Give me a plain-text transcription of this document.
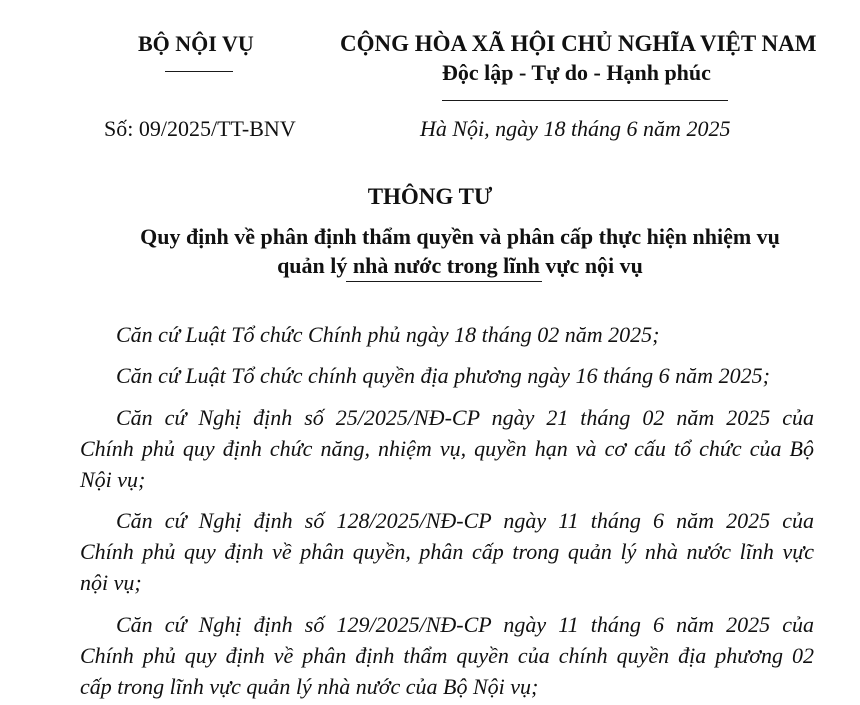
BỘ NỘI VỤ	CỘNG HÒA XÃ HỘI CHỦ NGHĨA VIỆT NAM
Độc lập - Tự do - Hạnh phúc
Số: 09/2025/TT-BNV	Hà Nội, ngày 18 tháng 6 năm 2025
THÔNG TƯ
Quy định về phân định thẩm quyền và phân cấp thực hiện nhiệm vụ
quản lý nhà nước trong lĩnh vực nội vụ
Căn cứ Luật Tổ chức Chính phủ ngày 18 tháng 02 năm 2025;
Căn cứ Luật Tổ chức chính quyền địa phương ngày 16 tháng 6 năm 2025;
Căn cứ Nghị định số 25/2025/NĐ-CP ngày 21 tháng 02 năm 2025 của
Chính phủ quy định chức năng, nhiệm vụ, quyền hạn và cơ cấu tổ chức của Bộ
Nội vụ;
Căn cứ Nghị định số 128/2025/NĐ-CP ngày 11 tháng 6 năm 2025 của
Chính phủ quy định về phân quyền, phân cấp trong quản lý nhà nước lĩnh vực
nội vụ;
Căn cứ Nghị định số 129/2025/NĐ-CP ngày 11 tháng 6 năm 2025 của
Chính phủ quy định về phân định thẩm quyền của chính quyền địa phương 02
cấp trong lĩnh vực quản lý nhà nước của Bộ Nội vụ;
